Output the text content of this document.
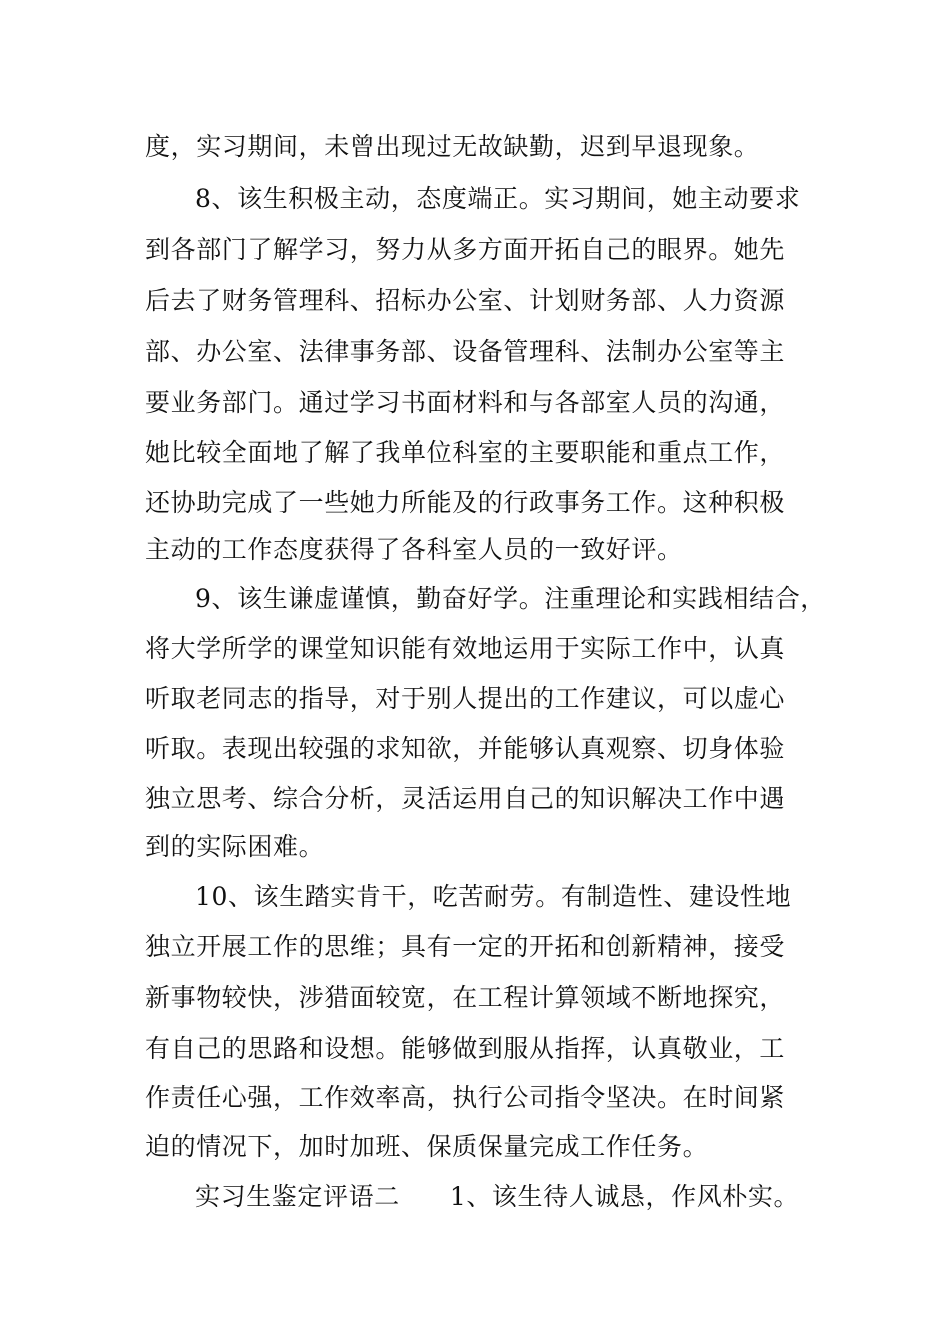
度，实习期间，未曾出现过无故缺勤，迟到早退现象。
8、该生积极主动，态度端正。实习期间，她主动要求
到各部门了解学习，努力从多方面开拓自己的眼界。她先
后去了财务管理科、招标办公室、计划财务部、人力资源
部、办公室、法律事务部、设备管理科、法制办公室等主
要业务部门。通过学习书面材料和与各部室人员的沟通，
她比较全面地了解了我单位科室的主要职能和重点工作，
还协助完成了一些她力所能及的行政事务工作。这种积极
主动的工作态度获得了各科室人员的一致好评。
9、该生谦虚谨慎，勤奋好学。注重理论和实践相结合，
将大学所学的课堂知识能有效地运用于实际工作中，认真
听取老同志的指导，对于别人提出的工作建议，可以虚心
听取。表现出较强的求知欲，并能够认真观察、切身体验
独立思考、综合分析，灵活运用自己的知识解决工作中遇
到的实际困难。
10、该生踏实肯干，吃苦耐劳。有制造性、建设性地
独立开展工作的思维；具有一定的开拓和创新精神，接受
新事物较快，涉猎面较宽，在工程计算领域不断地探究，
有自己的思路和设想。能够做到服从指挥，认真敬业，工
作责任心强，工作效率高，执行公司指令坚决。在时间紧
迫的情况下，加时加班、保质保量完成工作任务。
实习生鉴定评语二 1、该生待人诚恳，作风朴实。
